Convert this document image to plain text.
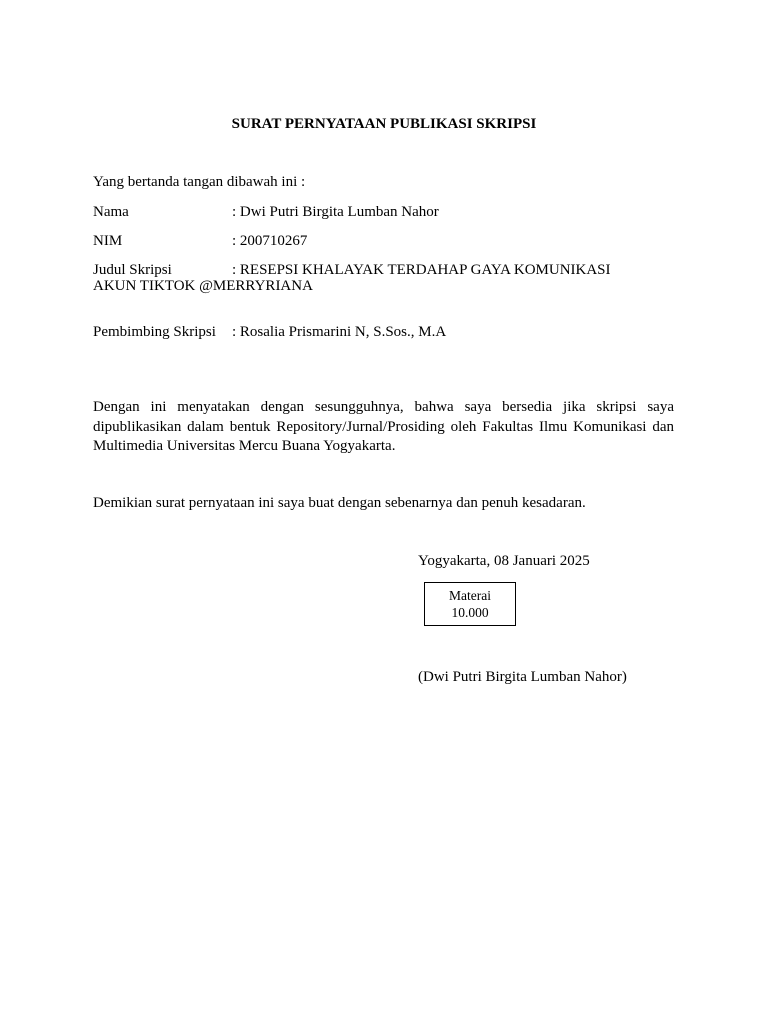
SURAT PERNYATAAN PUBLIKASI SKRIPSI
Yang bertanda tangan dibawah ini :
Nama	: Dwi Putri Birgita Lumban Nahor
NIM	: 200710267
Judul Skripsi	: RESEPSI KHALAYAK TERDAHAP GAYA KOMUNIKASI
AKUN TIKTOK @MERRYRIANA
Pembimbing Skripsi : Rosalia Prismarini N, S.Sos., M.A
Dengan ini menyatakan dengan sesungguhnya, bahwa saya bersedia jika skripsi saya dipublikasikan dalam bentuk Repository/Jurnal/Prosiding oleh Fakultas Ilmu Komunikasi dan Multimedia Universitas Mercu Buana Yogyakarta.
Demikian surat pernyataan ini saya buat dengan sebenarnya dan penuh kesadaran.
Yogyakarta, 08 Januari 2025
Materai
10.000
(Dwi Putri Birgita Lumban Nahor)
